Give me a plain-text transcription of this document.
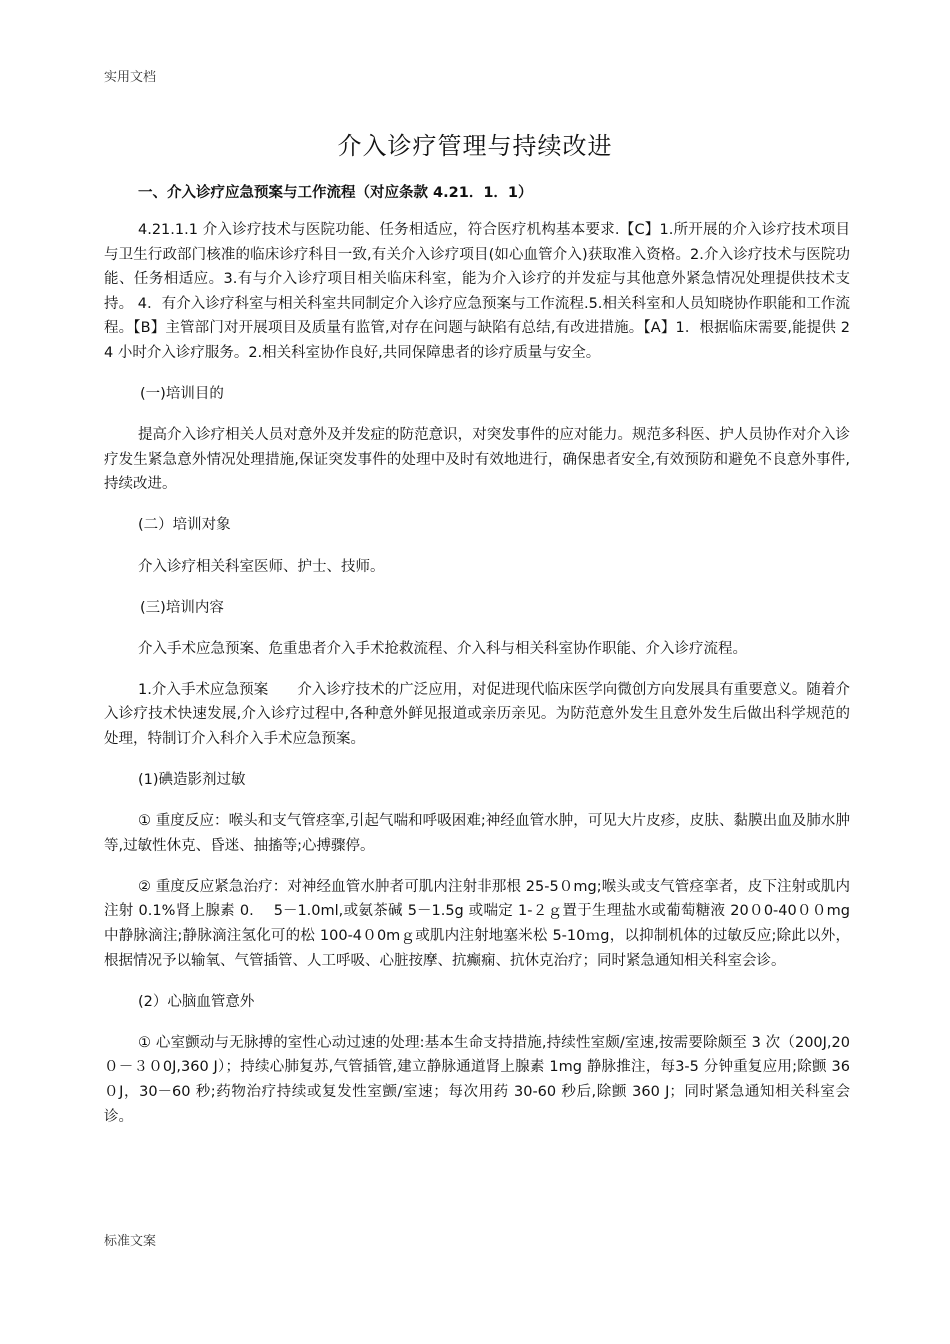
实用文档
介入诊疗管理与持续改进
一、介入诊疗应急预案与工作流程（对应条款 4.21．1．1）

4.21.1.1 介入诊疗技术与医院功能、任务相适应，符合医疗机构基本要求.【C】1.所开展的介入诊疗技术项目与卫生行政部门核准的临床诊疗科目一致,有关介入诊疗项目(如心血管介入)获取准入资格。2.介入诊疗技术与医院功能、任务相适应。3.有与介入诊疗项目相关临床科室，能为介入诊疗的并发症与其他意外紧急情况处理提供技术支持。 4．有介入诊疗科室与相关科室共同制定介入诊疗应急预案与工作流程.5.相关科室和人员知晓协作职能和工作流程。【B】主管部门对开展项目及质量有监管,对存在问题与缺陷有总结,有改进措施。【A】1．根据临床需要,能提供 24 小时介入诊疗服务。2.相关科室协作良好,共同保障患者的诊疗质量与安全。

(一)培训目的

提高介入诊疗相关人员对意外及并发症的防范意识，对突发事件的应对能力。规范多科医、护人员协作对介入诊疗发生紧急意外情况处理措施,保证突发事件的处理中及时有效地进行，确保患者安全,有效预防和避免不良意外事件,持续改进。

(二）培训对象

介入诊疗相关科室医师、护士、技师。

(三)培训内容

介入手术应急预案、危重患者介入手术抢救流程、介入科与相关科室协作职能、介入诊疗流程。

1.介入手术应急预案　　介入诊疗技术的广泛应用，对促进现代临床医学向微创方向发展具有重要意义。随着介入诊疗技术快速发展,介入诊疗过程中,各种意外鲜见报道或亲历亲见。为防范意外发生且意外发生后做出科学规范的处理，特制订介入科介入手术应急预案。

(1)碘造影剂过敏

① 重度反应：喉头和支气管痉挛,引起气喘和呼吸困难;神经血管水肿，可见大片皮疹，皮肤、黏膜出血及肺水肿等,过敏性休克、昏迷、抽搐等;心搏骤停。

② 重度反应紧急治疗：对神经血管水肿者可肌内注射非那根 25-5０mg;喉头或支气管痉挛者，皮下注射或肌内注射 0.1%肾上腺素 0.　 5－1.0ml,或氨茶碱 5－1.5g 或喘定 1-２ｇ置于生理盐水或葡萄糖液 20０0-40００mg 中静脉滴注;静脉滴注氢化可的松 100-4０0mｇ或肌内注射地塞米松 5-10ｍg，以抑制机体的过敏反应;除此以外，根据情况予以输氧、气管插管、人工呼吸、心脏按摩、抗癫痫、抗休克治疗；同时紧急通知相关科室会诊。

(2）心脑血管意外

① 心室颤动与无脉搏的室性心动过速的处理:基本生命支持措施,持续性室颇/室速,按需要除颇至 3 次（200J,20０－３０0J,360 J）；持续心肺复苏,气管插管,建立静脉通道肾上腺素 1mg 静脉推注，每3-5 分钟重复应用;除颤 36０J，30－60 秒;药物治疗持续或复发性室颤/室速；每次用药 30-60 秒后,除颤 360 J；同时紧急通知相关科室会诊。

标准文案
